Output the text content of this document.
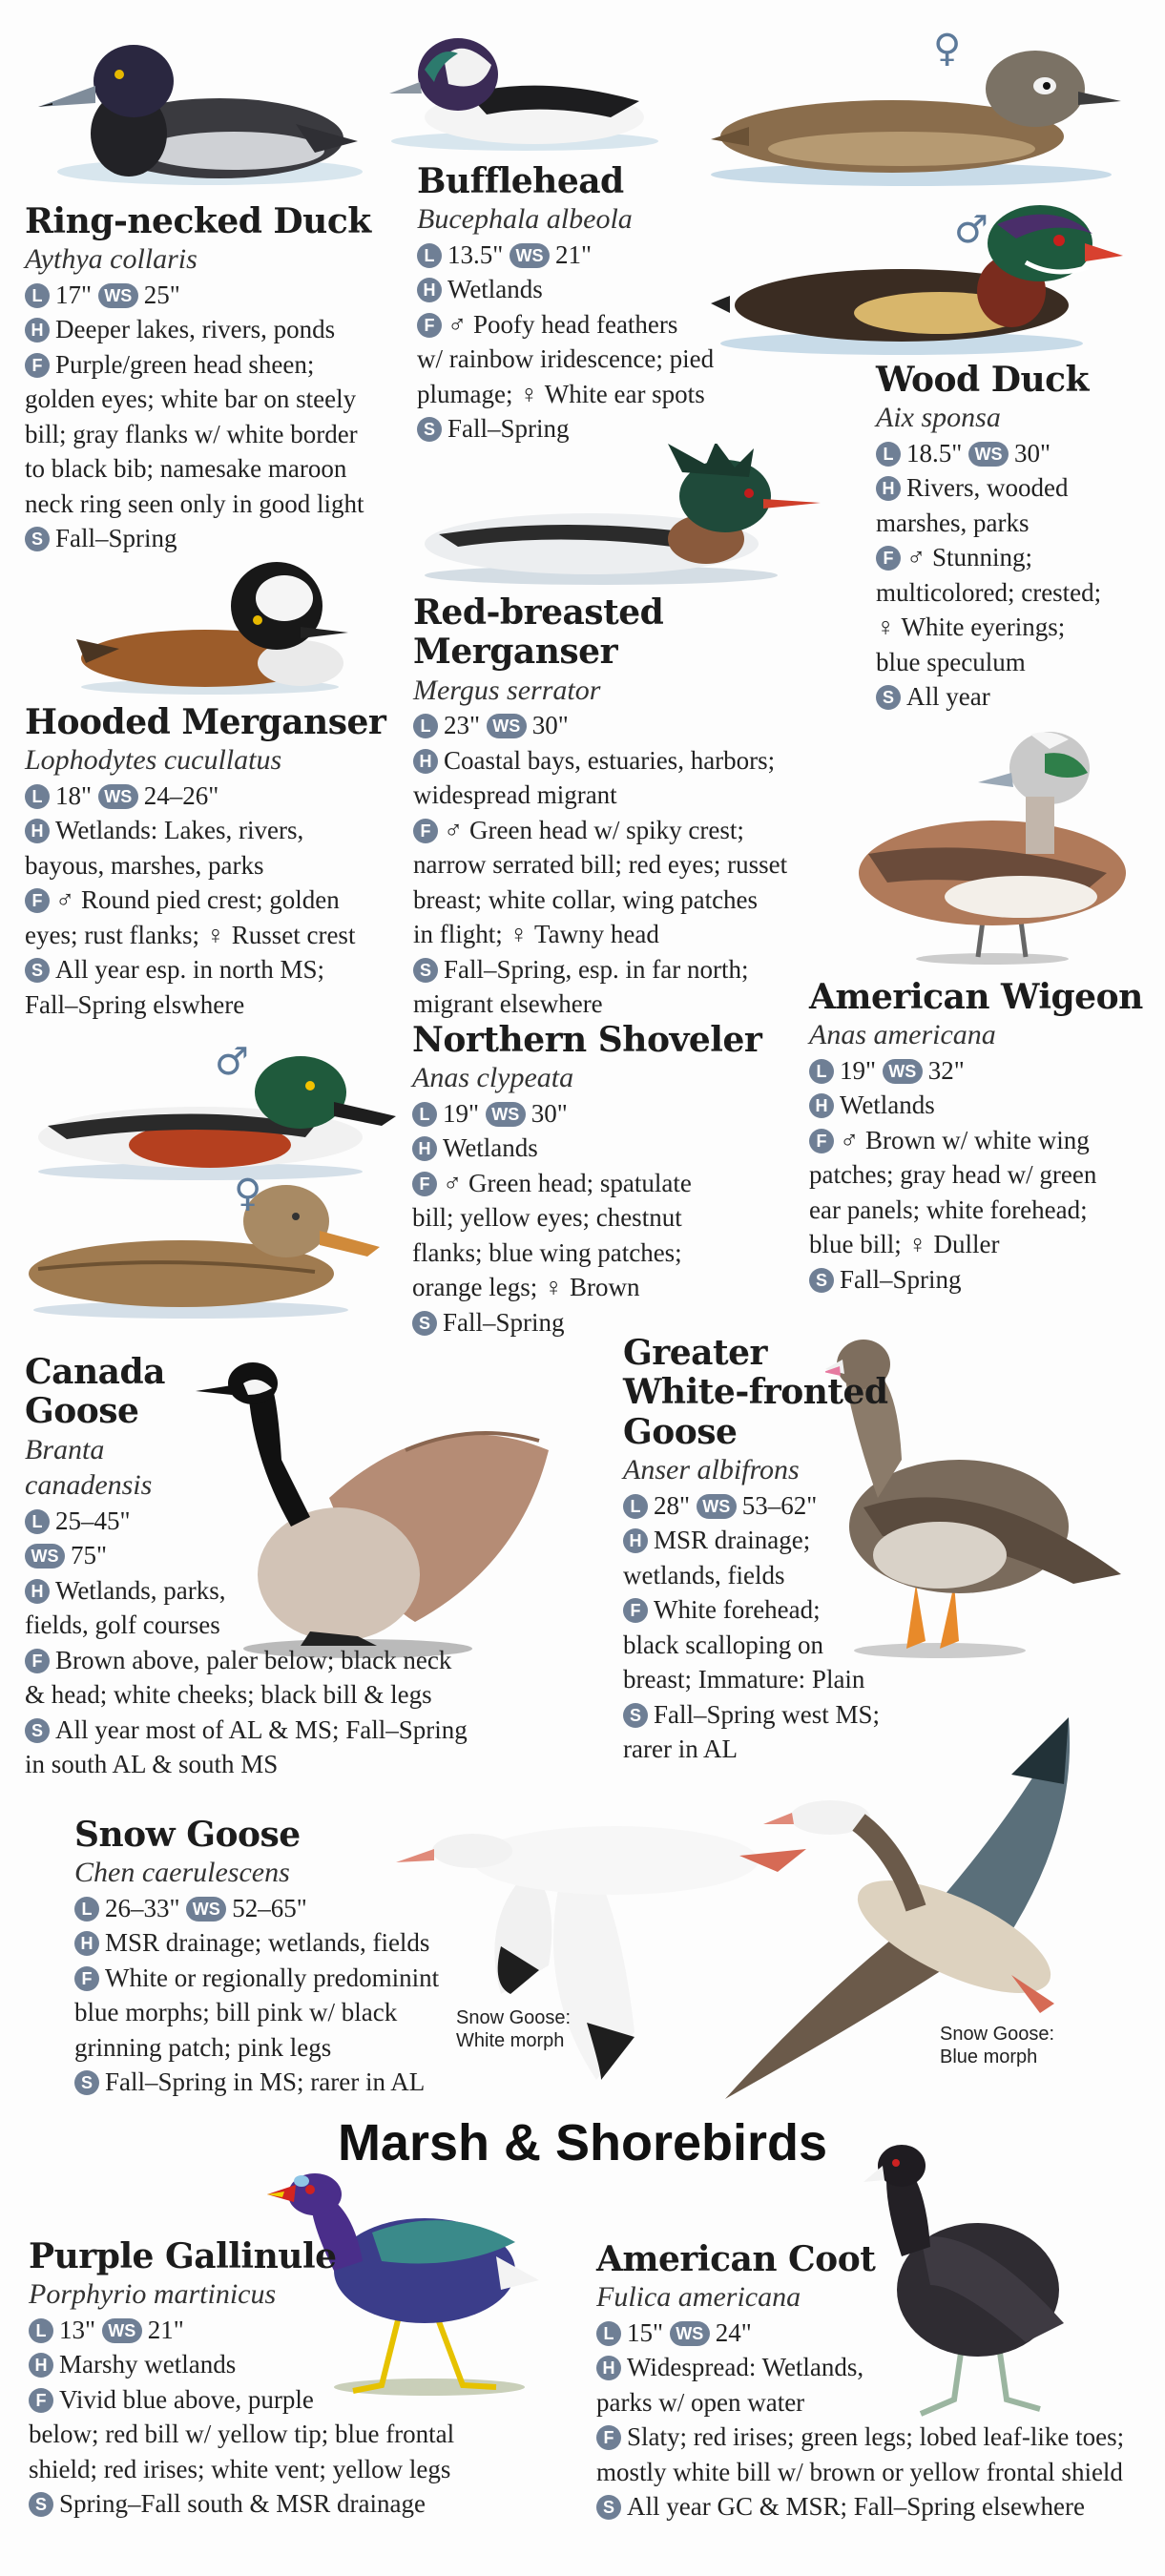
Snow Goose:
White morph	Snow Goose:
Blue morph
♀
♂
♂
♀
Ring-necked Duck
Aythya collaris
L 17" WS 25"
H Deeper lakes, rivers, ponds
F Purple/green head sheen;
golden eyes; white bar on steely
bill; gray flanks w/ white border
to black bib; namesake maroon
neck ring seen only in good light
S Fall–Spring
Bufflehead
Bucephala albeola
L 13.5" WS 21"
H Wetlands
F ♂ Poofy head feathers
w/ rainbow iridescence; pied
plumage; ♀ White ear spots
S Fall–Spring
Wood Duck
Aix sponsa
L 18.5" WS 30"
H Rivers, wooded
marshes, parks
F ♂ Stunning;
multicolored; crested;
♀ White eyerings;
blue speculum
S All year
Hooded Merganser
Lophodytes cucullatus
L 18" WS 24–26"
H Wetlands: Lakes, rivers,
bayous, marshes, parks
F ♂ Round pied crest; golden
eyes; rust flanks; ♀ Russet crest
S All year esp. in north MS;
Fall–Spring elswhere
Red-breasted Merganser
Mergus serrator
L 23" WS 30"
H Coastal bays, estuaries, harbors;
widespread migrant
F ♂ Green head w/ spiky crest;
narrow serrated bill; red eyes; russet
breast; white collar, wing patches
in flight; ♀ Tawny head
S Fall–Spring, esp. in far north;
migrant elsewhere	American Wigeon
Anas americana
L 19" WS 32"
H Wetlands
F ♂ Brown w/ white wing
patches; gray head w/ green
ear panels; white forehead;
blue bill; ♀ Duller
S Fall–Spring
Northern Shoveler
Anas clypeata
L 19" WS 30"
H Wetlands
F ♂ Green head; spatulate
bill; yellow eyes; chestnut
flanks; blue wing patches;
orange legs; ♀ Brown
S Fall–Spring
Canada
Goose
Branta
canadensis
L 25–45"
WS 75"
H Wetlands, parks,
fields, golf courses
F Brown above, paler below; black neck
& head; white cheeks; black bill & legs
S All year most of AL & MS; Fall–Spring
in south AL & south MS
Greater
White-fronted
Goose
Anser albifrons
L 28" WS 53–62"
H MSR drainage;
wetlands, fields
F White forehead;
black scalloping on
breast; Immature: Plain
S Fall–Spring west MS;
rarer in AL
Snow Goose
Chen caerulescens
L 26–33" WS 52–65"
H MSR drainage; wetlands, fields
F White or regionally predominint
blue morphs; bill pink w/ black
grinning patch; pink legs
S Fall–Spring in MS; rarer in AL
Marsh & Shorebirds
Purple Gallinule
Porphyrio martinicus
L 13" WS 21"
H Marshy wetlands
F Vivid blue above, purple
below; red bill w/ yellow tip; blue frontal
shield; red irises; white vent; yellow legs
S Spring–Fall south & MSR drainage
American Coot
Fulica americana
L 15" WS 24"
H Widespread: Wetlands,
parks w/ open water
F Slaty; red irises; green legs; lobed leaf-like toes;
mostly white bill w/ brown or yellow frontal shield
S All year GC & MSR; Fall–Spring elsewhere
